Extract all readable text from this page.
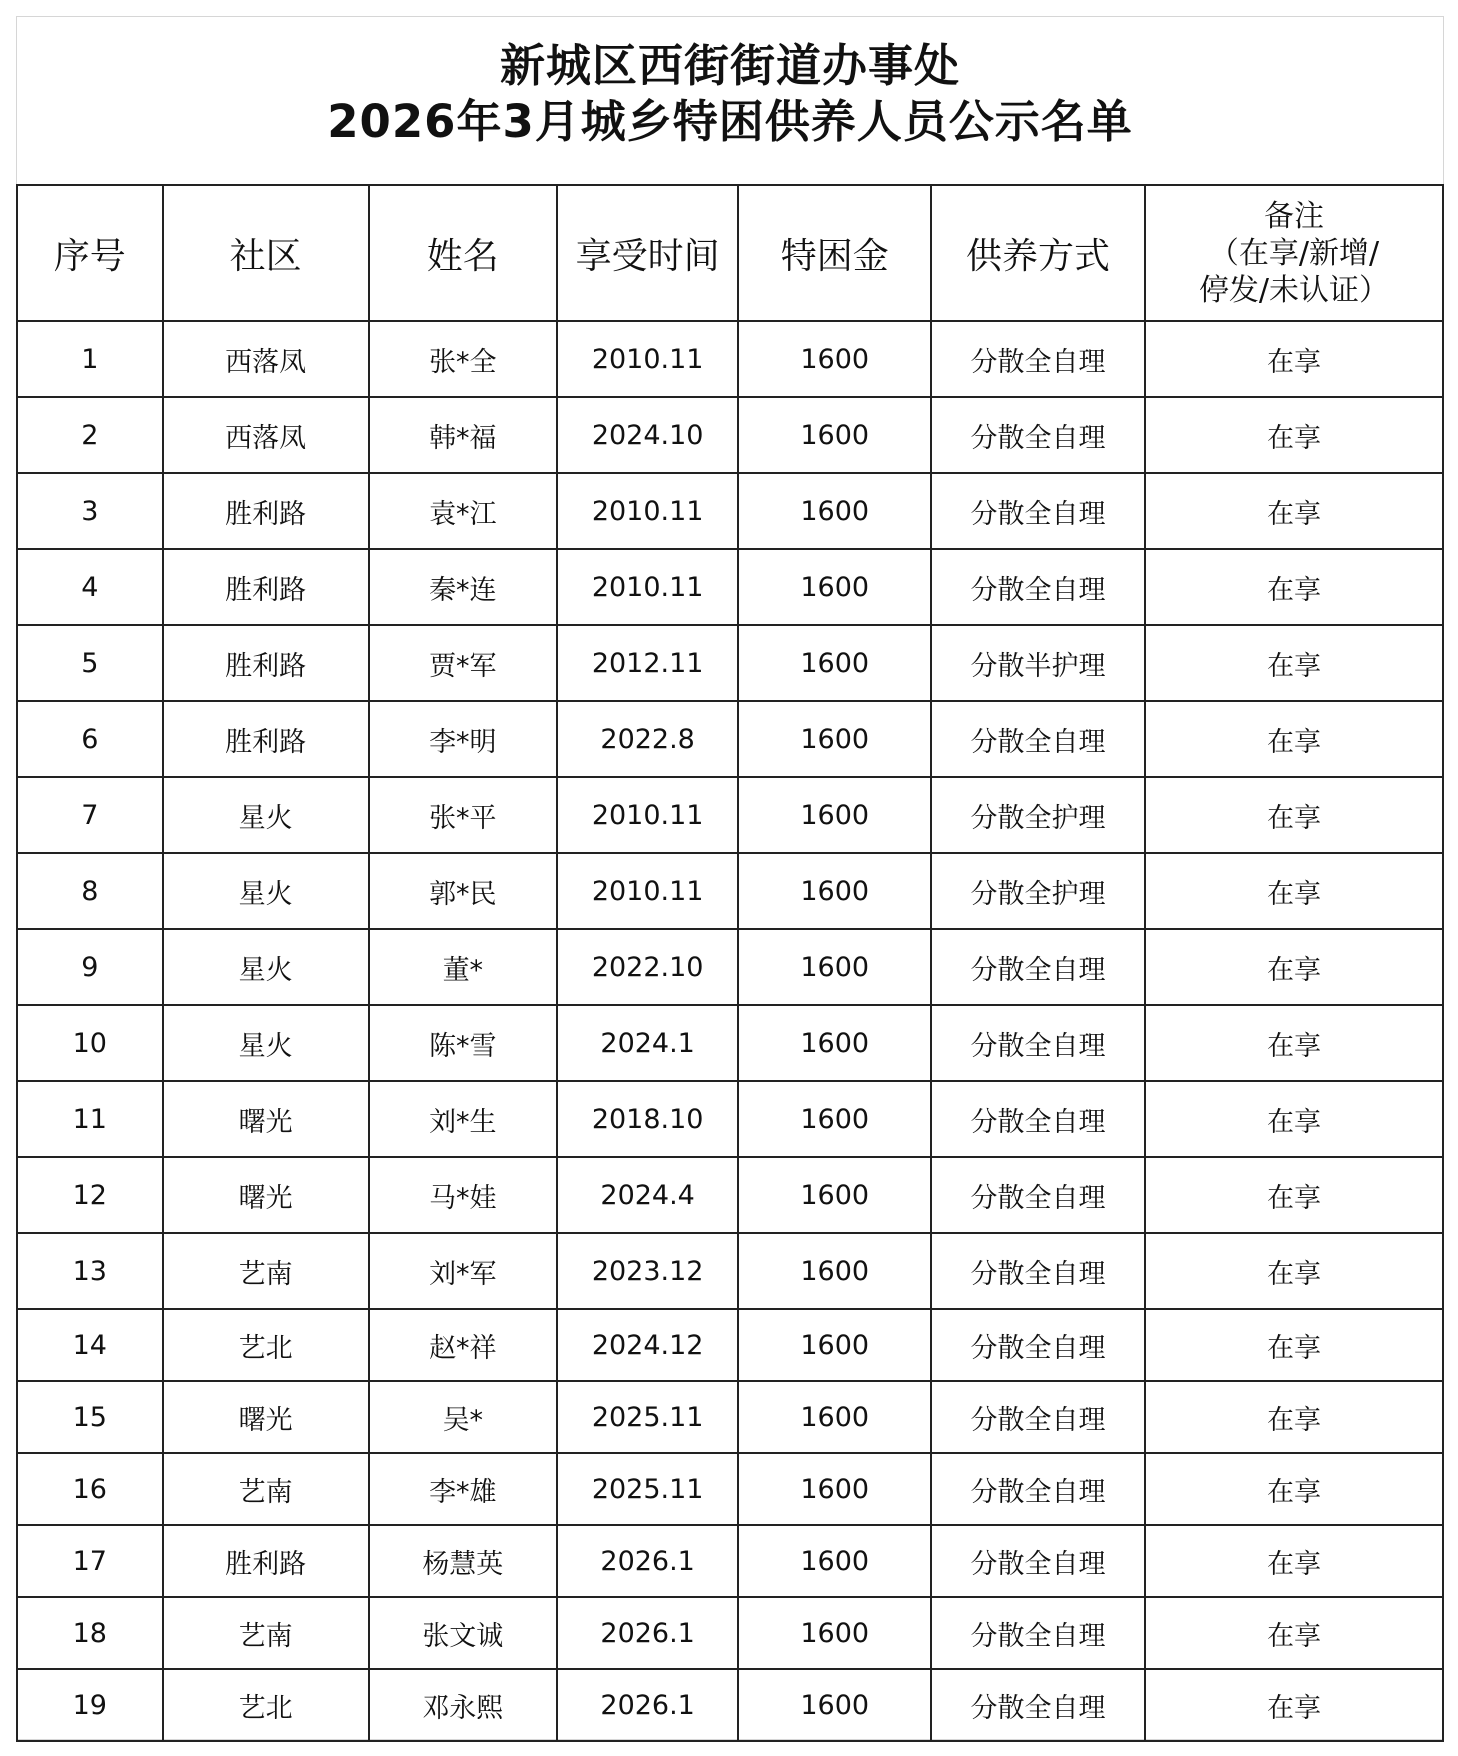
新城区西街街道办事处
2026年3月城乡特困供养人员公示名单
序号	社区	姓名	享受时间	特困金	供养方式	备注
（在享/新增/
停发/未认证）

1	西落凤	张*全	2010.11	1600	分散全自理	在享
2	西落凤	韩*福	2024.10	1600	分散全自理	在享
3	胜利路	袁*江	2010.11	1600	分散全自理	在享
4	胜利路	秦*连	2010.11	1600	分散全自理	在享
5	胜利路	贾*军	2012.11	1600	分散半护理	在享
6	胜利路	李*明	2022.8	1600	分散全自理	在享
7	星火	张*平	2010.11	1600	分散全护理	在享
8	星火	郭*民	2010.11	1600	分散全护理	在享
9	星火	董*	2022.10	1600	分散全自理	在享
10	星火	陈*雪	2024.1	1600	分散全自理	在享
11	曙光	刘*生	2018.10	1600	分散全自理	在享
12	曙光	马*娃	2024.4	1600	分散全自理	在享
13	艺南	刘*军	2023.12	1600	分散全自理	在享
14	艺北	赵*祥	2024.12	1600	分散全自理	在享
15	曙光	吴*	2025.11	1600	分散全自理	在享
16	艺南	李*雄	2025.11	1600	分散全自理	在享
17	胜利路	杨慧英	2026.1	1600	分散全自理	在享
18	艺南	张文诚	2026.1	1600	分散全自理	在享
19	艺北	邓永熙	2026.1	1600	分散全自理	在享
